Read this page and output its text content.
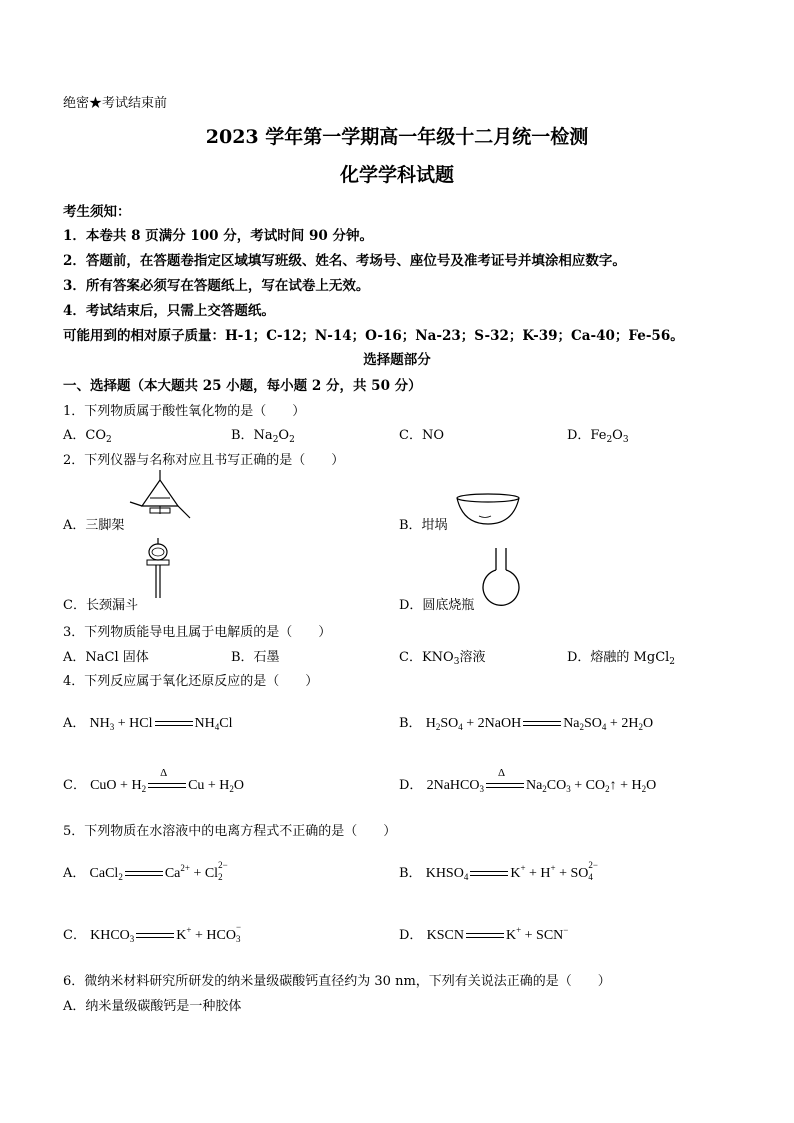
绝密★考试结束前
2023 学年第一学期高一年级十二月统一检测
化学学科试题
考生须知：
1．本卷共 8 页满分 100 分，考试时间 90 分钟。
2．答题前，在答题卷指定区域填写班级、姓名、考场号、座位号及准考证号并填涂相应数字。
3．所有答案必须写在答题纸上，写在试卷上无效。
4．考试结束后，只需上交答题纸。
可能用到的相对原子质量：H-1；C-12；N-14；O-16；Na-23；S-32；K-39；Ca-40；Fe-56。
选择题部分
一、选择题（本大题共 25 小题，每小题 2 分，共 50 分）
1．下列物质属于酸性氧化物的是（　　）
A．$CO_2$	B．$Na_2O_2$	C．NO	D．$Fe_2O_3$
2．下列仪器与名称对应且书写正确的是（　　）
A．三脚架	B．坩埚
C．长颈漏斗	D．圆底烧瓶
3．下列物质能导电且属于电解质的是（　　）
A．NaCl 固体	B．石墨	C．$KNO_3$溶液	D．熔融的 MgCl$_2$
4．下列反应属于氧化还原反应的是（　　）
A． $NH_3$ + HCl	$NH_4Cl$	B． $H_2SO_4$ + 2NaOH	$Na_2SO_4 + 2H_2O$
C． CuO + $H_2$
Δ
$Cu + H_2O$	D． 2NaHCO$_3$
Δ
$Na_2CO_3$ + $CO_2↑ + H_2O$
5．下列物质在水溶液中的电离方程式不正确的是（　　）
A． CaCl$_2$	$Ca^{2+} + Cl$
$_{2- 2}$	B． $KHSO_4$	K+ + H+ + SO
$_{2- 4}$
C． $KHCO_3$	K+ + HCO
$_{- 3}$	D． KSCN	K+ + SCN−
6．微纳米材料研究所研发的纳米量级碳酸钙直径约为 30 nm，下列有关说法正确的是（　　）
A．纳米量级碳酸钙是一种胶体
